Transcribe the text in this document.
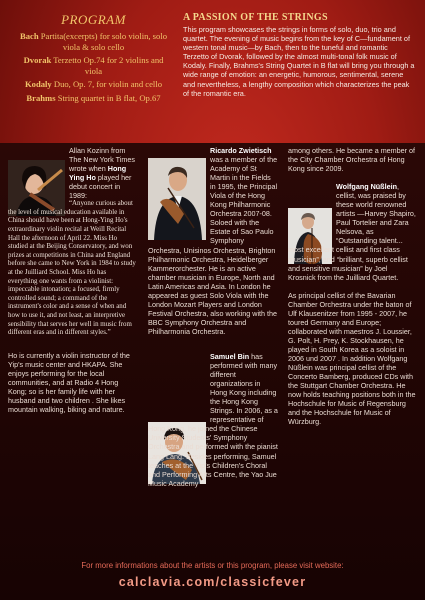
PROGRAM
Bach Partita(excerpts) for solo violin, solo viola & solo cello
Dvorak Terzetto Op.74 for 2 violins and viola
Kodaly Duo, Op. 7, for violin and cello
Brahms String quartet in B flat, Op.67
A PASSION OF THE STRINGS
This program showcases the strings in forms of solo, duo, trio and quartet. The evening of music begins from the key of C—fundament of western tonal music—by Bach, then to the tuneful and romantic Terzetto of Dvorak, followed by the almost multi-tonal folk music of Kodaly. Finally, Brahms's String Quartet in B flat will bring you through a wide range of emotion: an energetic, humorous, sentimental, serene and nevertheless, a lengthy composition which characterizes the peak of the romantic era.
Allan Kozinn from The New York Times wrote when Hong Ying Ho played her debut concert in 1989:
“Anyone curious about the level of musical education available in China should have been at Hong-Ying Ho's extraordinary violin recital at Weill Recital Hall the afternoon of April 22. Miss Ho studied at the Beijing Conservatory, and won prizes at competitions in China and England before she came to New York in 1984 to study at the Juilliard School. Miss Ho has everything one wants from a violinist: impeccable intonation; a focused, firmly controlled sound; a command of the instrument's color and a sense of when and how to use it, and not least, an interpretive sensibility that serves her well in music from different eras and in different styles.”
Ho is currently a violin instructor of the Yip's music center and HKAPA. She enjoys performing for the local communities, and at Radio 4 Hong Kong; so is her family life with her husband and two children . She likes mountain walking, biking and nature.
Ricardo Zwietisch was a member of the Academy of St Martin in the Fields in 1995, the Principal Viola of the Hong Kong Philharmonic Orchestra 2007-08. Soloed with the Estate of Sao Paulo Symphony Orchestra, Unisinos Orchestra, Brighton Philharmonic Orchestra, Heidelberger Kammerorchester. He is an active chamber musician in Europe, North and Latin Americas and Asia. In London he appeared as guest Solo Viola with the London Mozart Players and London Festival Orchestra, also working with the BBC Symphony Orchestra and Philharmonia Orchestra.
Samuel Bin has performed with many different organizations in Hong Kong including the Hong Kong Strings. In 2006, as a representative of Hong Kong, he joined the Chinese University Students' Symphony Orchestra and performed with the pianist Lang Lang. Besides performing, Samuel teaches at the Yip's Children's Choral and Performing Arts Centre, the Yao Jue Music Academy
among others. He became a member of the City Chamber Orchestra of Hong Kong since 2009.
Wolfgang Nüßlein, cellist, was praised by these world renowned artists —Harvey Shapiro, Paul Tortelier and Zara Nelsova, as “Outstanding talent... most excellent cellist and first class musician”, and “brilliant, superb cellist and sensitive musician” by Joel Krosnick from the Juilliard Quartet.
As principal cellist of the Bavarian Chamber Orchestra under the baton of Ulf Klausenitzer from 1995 - 2007, he toured Germany and Europe; collaborated with maestros J. Loussier, G. Polt, H. Prey, K. Stockhausen, he played in South Korea as a soloist in 2006 und 2007 . In addition Wolfgang Nüßlein was principal cellist of the Concerto Bamberg, produced CDs with the Stuttgart Chamber Orchestra. He now holds teaching positions both in the Hochschule for Music of Regensburg and the Hochschule for Music of Würzburg.
For more informations about the artists or this program, please visit website:
calclavia.com/classicfever
